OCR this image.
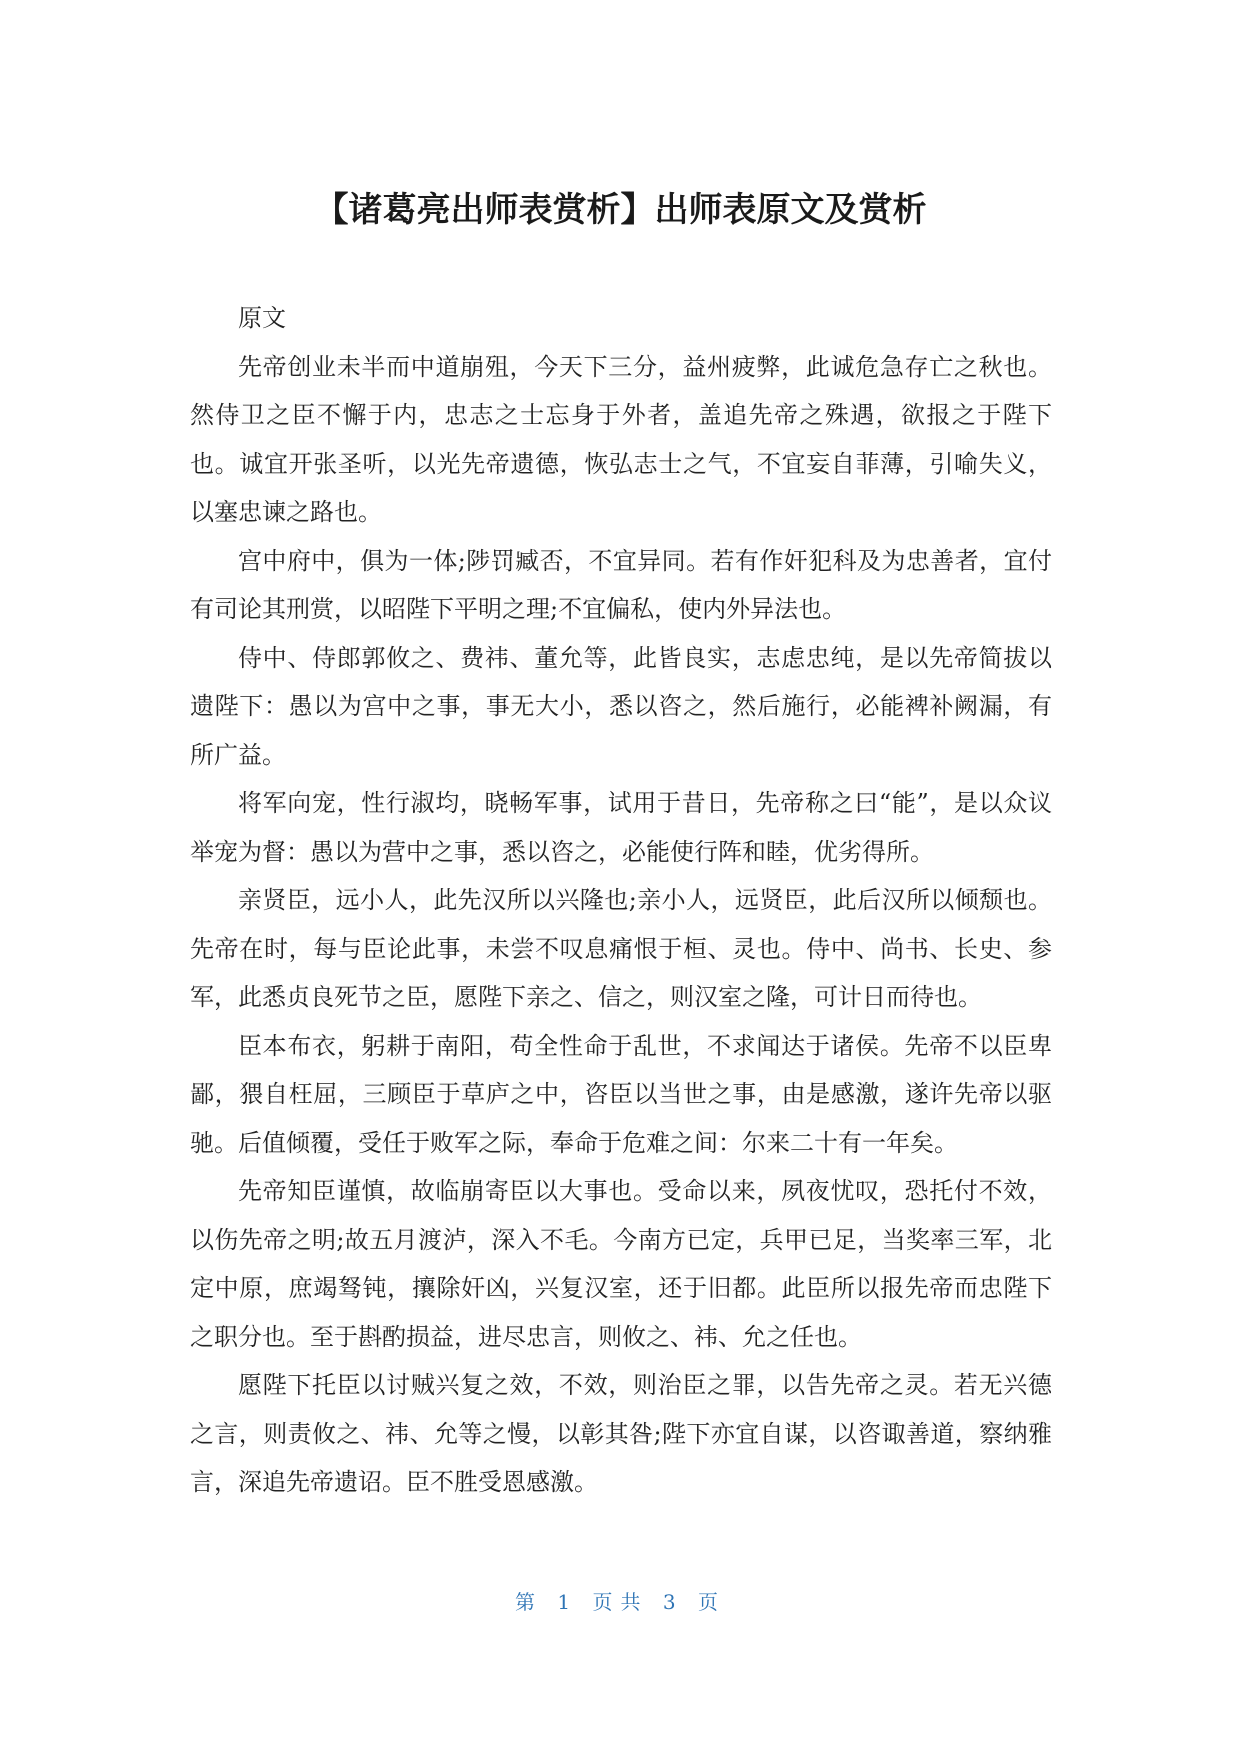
【诸葛亮出师表赏析】出师表原文及赏析

原文

先帝创业未半而中道崩殂，今天下三分，益州疲弊，此诚危急存亡之秋也。然侍卫之臣不懈于内，忠志之士忘身于外者，盖追先帝之殊遇，欲报之于陛下也。诚宜开张圣听，以光先帝遗德，恢弘志士之气，不宜妄自菲薄，引喻失义，以塞忠谏之路也。

宫中府中，俱为一体;陟罚臧否，不宜异同。若有作奸犯科及为忠善者，宜付有司论其刑赏，以昭陛下平明之理;不宜偏私，使内外异法也。

侍中、侍郎郭攸之、费祎、董允等，此皆良实，志虑忠纯，是以先帝简拔以遗陛下：愚以为宫中之事，事无大小，悉以咨之，然后施行，必能裨补阙漏，有所广益。

将军向宠，性行淑均，晓畅军事，试用于昔日，先帝称之曰“能”，是以众议举宠为督：愚以为营中之事，悉以咨之，必能使行阵和睦，优劣得所。

亲贤臣，远小人，此先汉所以兴隆也;亲小人，远贤臣，此后汉所以倾颓也。先帝在时，每与臣论此事，未尝不叹息痛恨于桓、灵也。侍中、尚书、长史、参军，此悉贞良死节之臣，愿陛下亲之、信之，则汉室之隆，可计日而待也。

臣本布衣，躬耕于南阳，苟全性命于乱世，不求闻达于诸侯。先帝不以臣卑鄙，猥自枉屈，三顾臣于草庐之中，咨臣以当世之事，由是感激，遂许先帝以驱驰。后值倾覆，受任于败军之际，奉命于危难之间：尔来二十有一年矣。

先帝知臣谨慎，故临崩寄臣以大事也。受命以来，夙夜忧叹，恐托付不效，以伤先帝之明;故五月渡泸，深入不毛。今南方已定，兵甲已足，当奖率三军，北定中原，庶竭驽钝，攘除奸凶，兴复汉室，还于旧都。此臣所以报先帝而忠陛下之职分也。至于斟酌损益，进尽忠言，则攸之、祎、允之任也。

愿陛下托臣以讨贼兴复之效，不效，则治臣之罪，以告先帝之灵。若无兴德之言，则责攸之、祎、允等之慢，以彰其咎;陛下亦宜自谋，以咨诹善道，察纳雅言，深追先帝遗诏。臣不胜受恩感激。

第 1 页共 3 页
